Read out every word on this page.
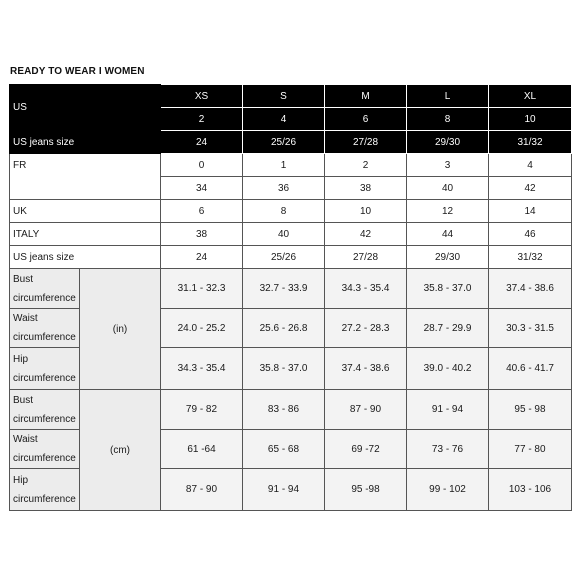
READY TO WEAR I WOMEN
US		XS	S	M	L	XL
		2	4	6	8	10
US jeans size		24	25/26	27/28	29/30	31/32
FR		0	1	2	3	4
		34	36	38	40	42
UK		6	8	10	12	14
ITALY		38	40	42	44	46
US jeans size		24	25/26	27/28	29/30	31/32
Bust
circumference	(in)	31.1 - 32.3	32.7 - 33.9	34.3 - 35.4	35.8 - 37.0	37.4 - 38.6
Waist
circumference		24.0 - 25.2	25.6 - 26.8	27.2 - 28.3	28.7 - 29.9	30.3 - 31.5
Hip
circumference		34.3 - 35.4	35.8 - 37.0	37.4 - 38.6	39.0 - 40.2	40.6 - 41.7
Bust
circumference	(cm)	79 - 82	83 - 86	87 - 90	91 - 94	95 - 98
Waist
circumference		61 -64	65 - 68	69 -72	73 - 76	77 - 80
Hip
circumference		87 - 90	91 - 94	95 -98	99 - 102	103 - 106
